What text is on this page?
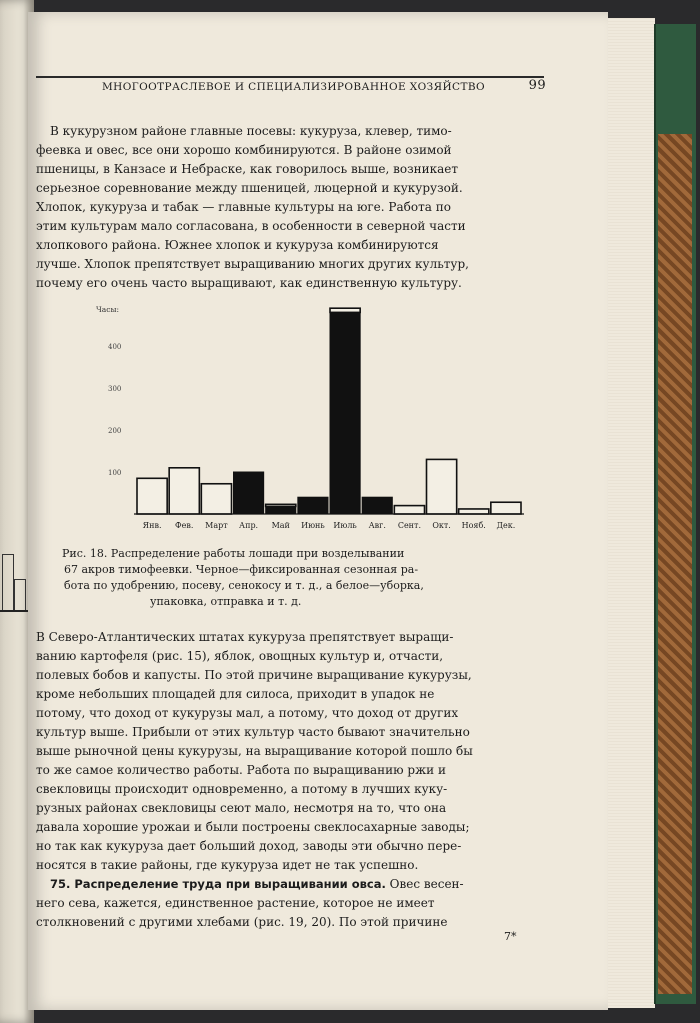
МНОГООТРАСЛЕВОЕ И СПЕЦИАЛИЗИРОВАННОЕ ХОЗЯЙСТВО	99
В кукурузном районе главные посевы: кукуруза, клевер, тимо-
феевка и овес, все они хорошо комбинируются. В районе озимой
пшеницы, в Канзасе и Небраске, как говорилось выше, возникает
серьезное соревнование между пшеницей, люцерной и кукурузой.
Хлопок, кукуруза и табак — главные культуры на юге. Работа по
этим культурам мало согласована, в особенности в северной части
хлопкового района. Южнее хлопок и кукуруза комбинируются
лучше. Хлопок препятствует выращиванию многих других культур,
почему его очень часто выращивают, как единственную культуру.
Часы:
100
200
300
400
Янв. Фев. Март Апр. Май Июнь Июль Авг. Сент. Окт. Нояб. Дек.
Рис. 18. Распределение работы лошади при возделывании
67 акров тимофеевки. Черное—фиксированная сезонная ра-
бота по удобрению, посеву, сенокосу и т. д., а белое—уборка,
упаковка, отправка и т. д.
В Северо-Атлантических штатах кукуруза препятствует выращи-
ванию картофеля (рис. 15), яблок, овощных культур и, отчасти,
полевых бобов и капусты. По этой причине выращивание кукурузы,
кроме небольших площадей для силоса, приходит в упадок не
потому, что доход от кукурузы мал, а потому, что доход от других
культур выше. Прибыли от этих культур часто бывают значительно
выше рыночной цены кукурузы, на выращивание которой пошло бы
то же самое количество работы. Работа по выращиванию ржи и
свекловицы происходит одновременно, а потому в лучших куку-
рузных районах свекловицы сеют мало, несмотря на то, что она
давала хорошие урожаи и были построены свеклосахарные заводы;
но так как кукуруза дает больший доход, заводы эти обычно пере-
носятся в такие районы, где кукуруза идет не так успешно.
75. Распределение труда при выращивании овса. Овес весен-
него сева, кажется, единственное растение, которое не имеет
столкновений с другими хлебами (рис. 19, 20). По этой причине
7*
